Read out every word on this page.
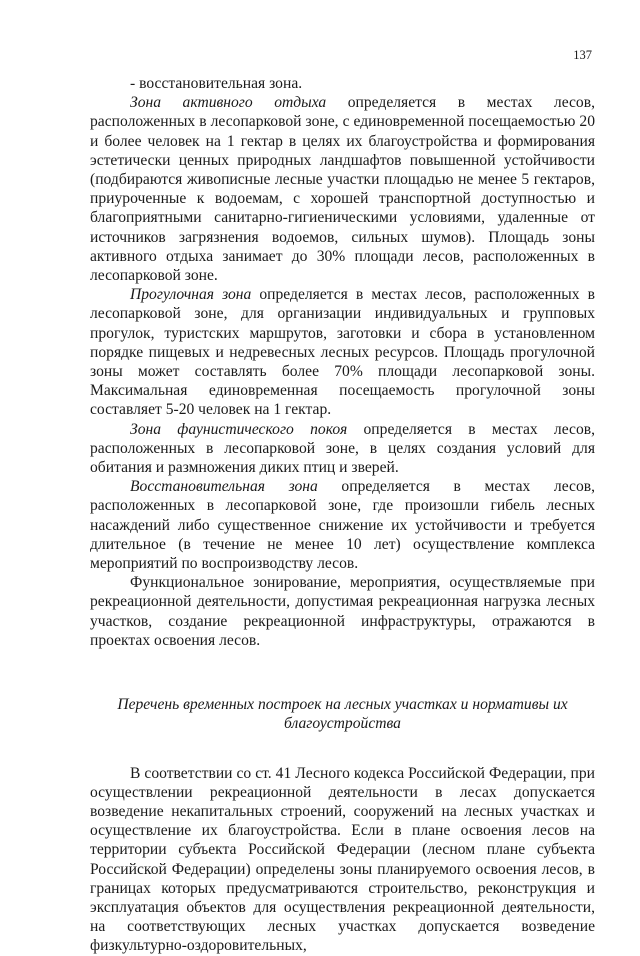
137

- восстановительная зона.

Зона активного отдыха определяется в местах лесов, расположенных в лесопарковой зоне, с единовременной посещаемостью 20 и более человек на 1 гектар в целях их благоустройства и формирования эстетически ценных природных ландшафтов повышенной устойчивости (подбираются живописные лесные участки площадью не менее 5 гектаров, приуроченные к водоемам, с хорошей транспортной доступностью и благоприятными санитарно-гигиеническими условиями, удаленные от источников загрязнения водоемов, сильных шумов). Площадь зоны активного отдыха занимает до 30% площади лесов, расположенных в лесопарковой зоне.

Прогулочная зона определяется в местах лесов, расположенных в лесопарковой зоне, для организации индивидуальных и групповых прогулок, туристских маршрутов, заготовки и сбора в установленном порядке пищевых и недревесных лесных ресурсов. Площадь прогулочной зоны может составлять более 70% площади лесопарковой зоны. Максимальная единовременная посещаемость прогулочной зоны составляет 5-20 человек на 1 гектар.

Зона фаунистического покоя определяется в местах лесов, расположенных в лесопарковой зоне, в целях создания условий для обитания и размножения диких птиц и зверей.

Восстановительная зона определяется в местах лесов, расположенных в лесопарковой зоне, где произошли гибель лесных насаждений либо существенное снижение их устойчивости и требуется длительное (в течение не менее 10 лет) осуществление комплекса мероприятий по воспроизводству лесов.

Функциональное зонирование, мероприятия, осуществляемые при рекреационной деятельности, допустимая рекреационная нагрузка лесных участков, создание рекреационной инфраструктуры, отражаются в проектах освоения лесов.

Перечень временных построек на лесных участках и нормативы их благоустройства

В соответствии со ст. 41 Лесного кодекса Российской Федерации, при осуществлении рекреационной деятельности в лесах допускается возведение некапитальных строений, сооружений на лесных участках и осуществление их благоустройства. Если в плане освоения лесов на территории субъекта Российской Федерации (лесном плане субъекта Российской Федерации) определены зоны планируемого освоения лесов, в границах которых предусматриваются строительство, реконструкция и эксплуатация объектов для осуществления рекреационной деятельности, на соответствующих лесных участках допускается возведение физкультурно-оздоровительных,
